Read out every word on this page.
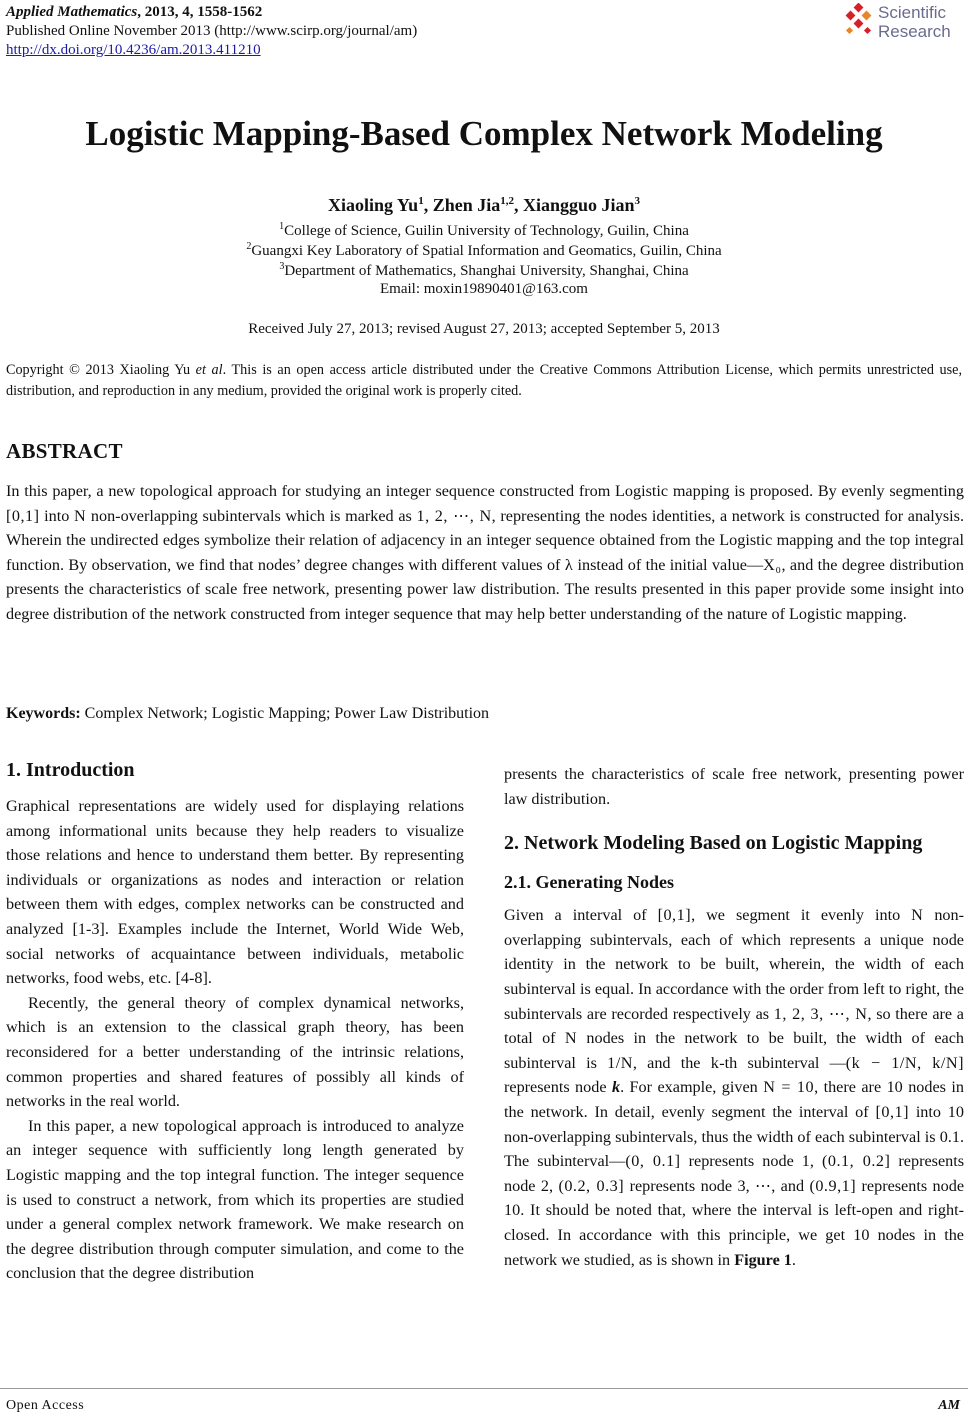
Applied Mathematics, 2013, 4, 1558-1562
Published Online November 2013 (http://www.scirp.org/journal/am)
http://dx.doi.org/10.4236/am.2013.411210
Scientific
Research
Logistic Mapping-Based Complex Network Modeling
Xiaoling Yu$^1$, Zhen Jia$^{1,2}$, Xiangguo Jian$^3$
$^1$College of Science, Guilin University of Technology, Guilin, China
$^2$Guangxi Key Laboratory of Spatial Information and Geomatics, Guilin, China
$^3$Department of Mathematics, Shanghai University, Shanghai, China
Email: moxin19890401@163.com
Received July 27, 2013; revised August 27, 2013; accepted September 5, 2013
Copyright © 2013 Xiaoling Yu et al. This is an open access article distributed under the Creative Commons Attribution License, which permits unrestricted use, distribution, and reproduction in any medium, provided the original work is properly cited.
ABSTRACT
In this paper, a new topological approach for studying an integer sequence constructed from Logistic mapping is proposed. By evenly segmenting [0,1] into N non-overlapping subintervals which is marked as 1, 2, ⋯, N, representing the nodes identities, a network is constructed for analysis. Wherein the undirected edges symbolize their relation of adjacency in an integer sequence obtained from the Logistic mapping and the top integral function. By observation, we find that nodes’ degree changes with different values of λ instead of the initial value—X₀, and the degree distribution presents the characteristics of scale free network, presenting power law distribution. The results presented in this paper provide some insight into degree distribution of the network constructed from integer sequence that may help better understanding of the nature of Logistic mapping.
Keywords: Complex Network; Logistic Mapping; Power Law Distribution
1. Introduction

Graphical representations are widely used for displaying relations among informational units because they help readers to visualize those relations and hence to understand them better. By representing individuals or organizations as nodes and interaction or relation between them with edges, complex networks can be constructed and analyzed [1-3]. Examples include the Internet, World Wide Web, social networks of acquaintance between individuals, metabolic networks, food webs, etc. [4-8].

Recently, the general theory of complex dynamical networks, which is an extension to the classical graph theory, has been reconsidered for a better understanding of the intrinsic relations, common properties and shared features of possibly all kinds of networks in the real world.

In this paper, a new topological approach is introduced to analyze an integer sequence with sufficiently long length generated by Logistic mapping and the top integral function. The integer sequence is used to construct a network, from which its properties are studied under a general complex network framework. We make research on the degree distribution through computer simulation, and come to the conclusion that the degree distribution

presents the characteristics of scale free network, presenting power law distribution.

2. Network Modeling Based on Logistic Mapping
2.1. Generating Nodes

Given a interval of [0,1], we segment it evenly into N non-overlapping subintervals, each of which represents a unique node identity in the network to be built, wherein, the width of each subinterval is equal. In accordance with the order from left to right, the subintervals are recorded respectively as 1, 2, 3, ⋯, N, so there are a total of N nodes in the network to be built, the width of each subinterval is 1/N, and the k-th subinterval —(k − 1/N, k/N] represents node k. For example, given N = 10, there are 10 nodes in the network. In detail, evenly segment the interval of [0,1] into 10 non-overlapping subintervals, thus the width of each subinterval is 0.1. The subinterval—(0, 0.1] represents node 1, (0.1, 0.2] represents node 2, (0.2, 0.3] represents node 3, ⋯, and (0.9,1] represents node 10. It should be noted that, where the interval is left-open and right-closed. In accordance with this principle, we get 10 nodes in the network we studied, as is shown in Figure 1.

Open Access	AM
